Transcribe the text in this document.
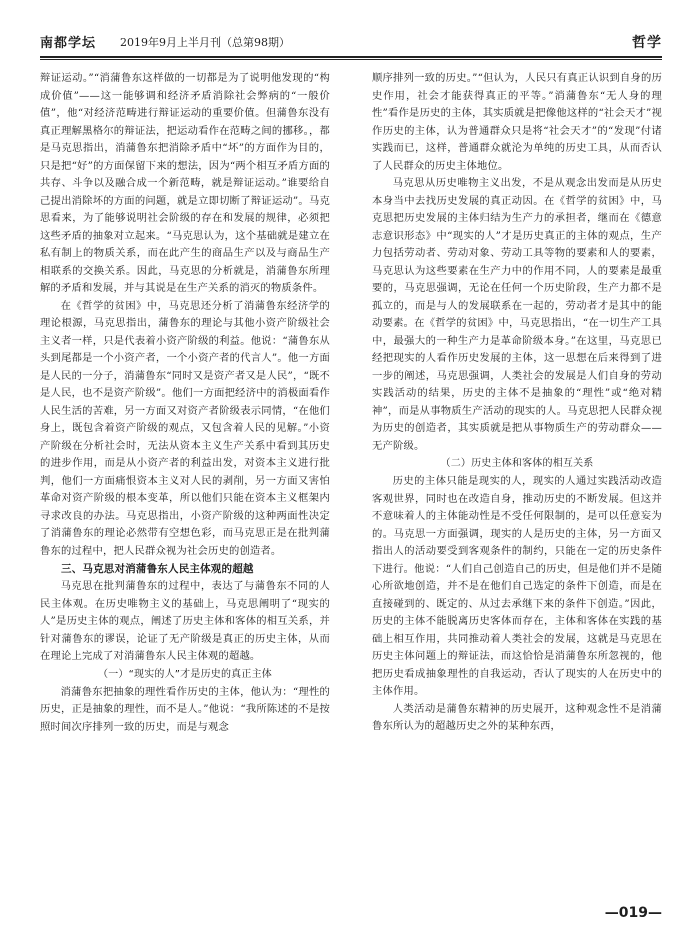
南都学坛 2019年9月上半月刊（总第98期）	哲学

辩证运动。”“消蒲鲁东这样做的一切都是为了说明他发现的“构成价值”——这一能够调和经济矛盾消除社会弊病的“一般价值”，他“对经济范畴进行辩证运动的重要价值。但蒲鲁东没有真正理解黑格尔的辩证法，把运动看作在范畴之间的挪移。，都是马克思指出，消蒲鲁东把消除矛盾中“坏”的方面作为目的，只是把“好”的方面保留下来的想法，因为“两个相互矛盾方面的共存、斗争以及融合成一个新范畴，就是辩证运动。”谁要给自己提出消除坏的方面的问题，就是立即切断了辩证运动”。马克思看来，为了能够说明社会阶级的存在和发展的规律，必须把这些矛盾的抽象对立起来。“马克思认为，这个基础就是建立在私有制上的物质关系，而在此产生的商品生产以及与商品生产相联系的交换关系。因此，马克思的分析就是，消蒲鲁东所理解的矛盾和发展，并与其说是在生产关系的消灭的物质条件。

在《哲学的贫困》中，马克思还分析了消蒲鲁东经济学的理论根源，马克思指出，蒲鲁东的理论与其他小资产阶级社会主义者一样，只是代表着小资产阶级的利益。他说：“蒲鲁东从头到尾都是一个小资产者，一个小资产者的代言人”。他一方面是人民的一分子，消蒲鲁东“同时又是资产者又是人民”，“既不是人民，也不是资产阶级”。他们一方面把经济中的消极面看作人民生活的苦难，另一方面又对资产者阶级表示同情，“在他们身上，既包含着资产阶级的观点，又包含着人民的见解。”小资产阶级在分析社会时，无法从资本主义生产关系中看到其历史的进步作用，而是从小资产者的利益出发，对资本主义进行批判，他们一方面痛恨资本主义对人民的剥削，另一方面又害怕革命对资产阶级的根本变革，所以他们只能在资本主义框架内寻求改良的办法。马克思指出，小资产阶级的这种两面性决定了消蒲鲁东的理论必然带有空想色彩，而马克思正是在批判蒲鲁东的过程中，把人民群众视为社会历史的创造者。

三、马克思对消蒲鲁东人民主体观的超越

马克思在批判蒲鲁东的过程中，表达了与蒲鲁东不同的人民主体观。在历史唯物主义的基础上，马克思阐明了“现实的人”是历史主体的观点，阐述了历史主体和客体的相互关系，并针对蒲鲁东的谬误，论证了无产阶级是真正的历史主体，从而在理论上完成了对消蒲鲁东人民主体观的超越。

（一）“现实的人”才是历史的真正主体

消蒲鲁东把抽象的理性看作历史的主体，他认为：“理性的历史，正是抽象的理性，而不是人。”他说：“我所陈述的不是按照时间次序排列一致的历史，而是与观念

顺序排列一致的历史。”“但认为，人民只有真正认识到自身的历史作用，社会才能获得真正的平等。”消蒲鲁东“无人身的理性”看作是历史的主体，其实质就是把像他这样的“社会天才”视作历史的主体，认为普通群众只是将“社会天才”的“发现”付诸实践而已，这样，普通群众就沦为单纯的历史工具，从而否认了人民群众的历史主体地位。

马克思从历史唯物主义出发，不是从观念出发而是从历史本身当中去找历史发展的真正动因。在《哲学的贫困》中，马克思把历史发展的主体归结为生产力的承担者，继而在《德意志意识形态》中“现实的人”才是历史真正的主体的观点，生产力包括劳动者、劳动对象、劳动工具等物的要素和人的要素，马克思认为这些要素在生产力中的作用不同，人的要素是最重要的，马克思强调，无论在任何一个历史阶段，生产力都不是孤立的，而是与人的发展联系在一起的，劳动者才是其中的能动要素。在《哲学的贫困》中，马克思指出，“在一切生产工具中，最强大的一种生产力是革命阶级本身。”在这里，马克思已经把现实的人看作历史发展的主体，这一思想在后来得到了进一步的阐述，马克思强调，人类社会的发展是人们自身的劳动实践活动的结果，历史的主体不是抽象的“理性”或“绝对精神”，而是从事物质生产活动的现实的人。马克思把人民群众视为历史的创造者，其实质就是把从事物质生产的劳动群众——无产阶级。

（二）历史主体和客体的相互关系

历史的主体只能是现实的人，现实的人通过实践活动改造客观世界，同时也在改造自身，推动历史的不断发展。但这并不意味着人的主体能动性是不受任何限制的，是可以任意妄为的。马克思一方面强调，现实的人是历史的主体，另一方面又指出人的活动要受到客观条件的制约，只能在一定的历史条件下进行。他说：“人们自己创造自己的历史，但是他们并不是随心所欲地创造，并不是在他们自己选定的条件下创造，而是在直接碰到的、既定的、从过去承继下来的条件下创造。”因此，历史的主体不能脱离历史客体而存在，主体和客体在实践的基础上相互作用，共同推动着人类社会的发展，这就是马克思在历史主体问题上的辩证法，而这恰恰是消蒲鲁东所忽视的，他把历史看成抽象理性的自我运动，否认了现实的人在历史中的主体作用。

人类活动是蒲鲁东精神的历史展开，这种观念性不是消蒲鲁东所认为的超越历史之外的某种东西，

—019—
